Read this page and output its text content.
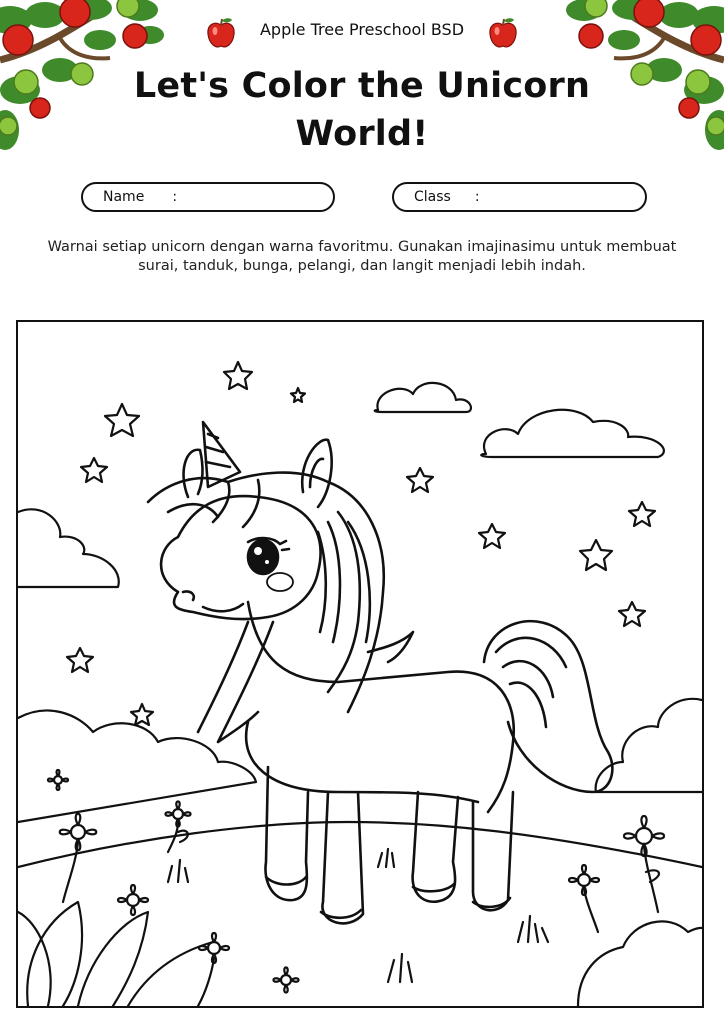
Apple Tree Preschool BSD
Let's Color the Unicorn World!
Name :	Class :
Warnai setiap unicorn dengan warna favoritmu. Gunakan imajinasimu untuk membuat surai, tanduk, bunga, pelangi, dan langit menjadi lebih indah.
